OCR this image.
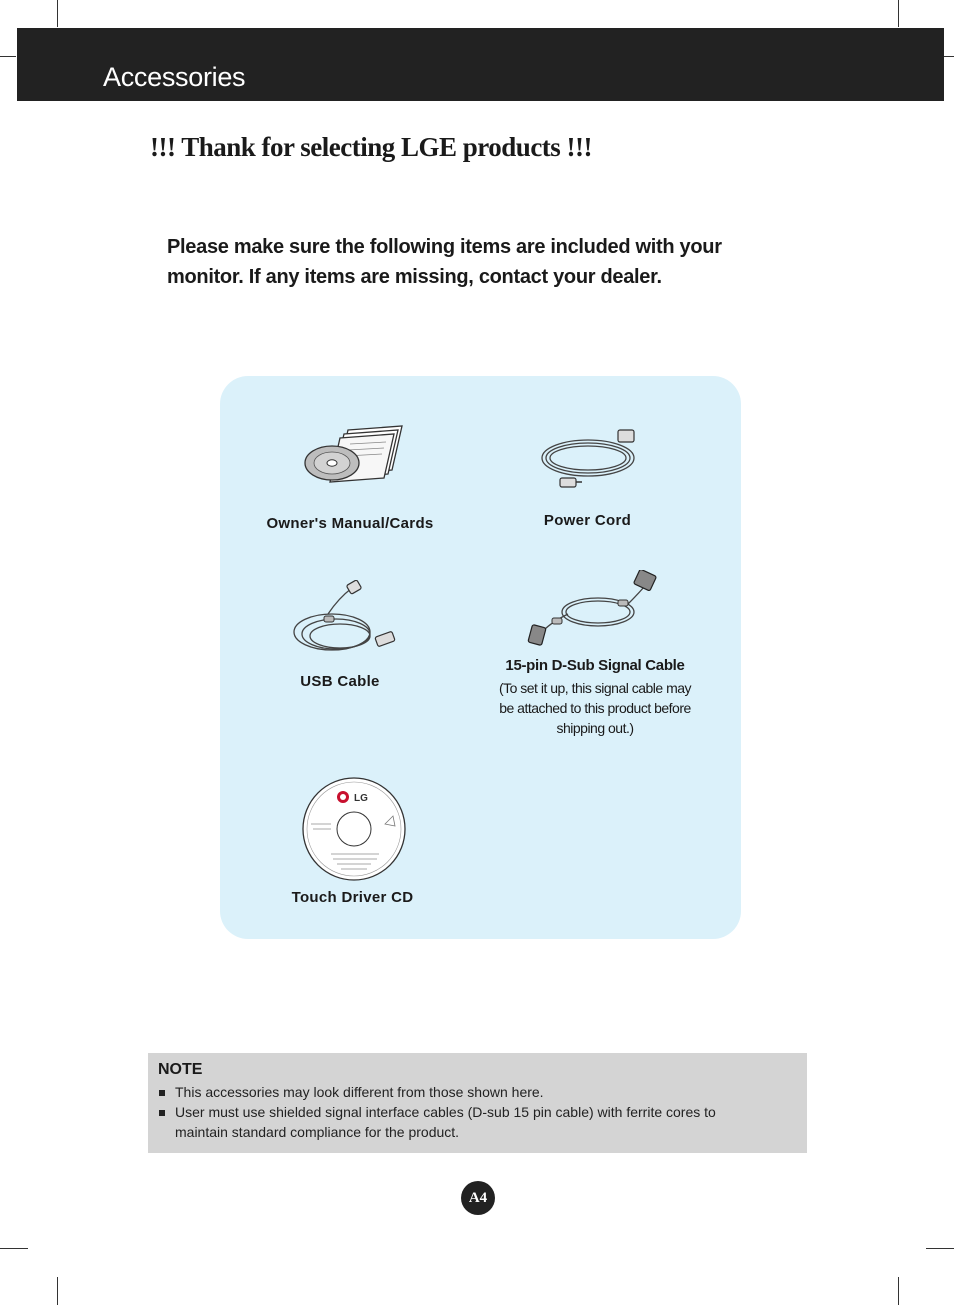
Accessories
!!! Thank for selecting LGE products !!!

Please make sure the following items are included with your
monitor. If any items are missing, contact your dealer.

Owner's Manual/Cards	Power Cord
USB Cable
15-pin D-Sub Signal Cable
(To set it up, this signal cable may
be attached to this product before
shipping out.)
LG
Touch Driver CD
NOTE
This accessories may look different from those shown here.
User must use shielded signal interface cables (D-sub 15 pin cable) with ferrite cores to
maintain standard compliance for the product.
A4
